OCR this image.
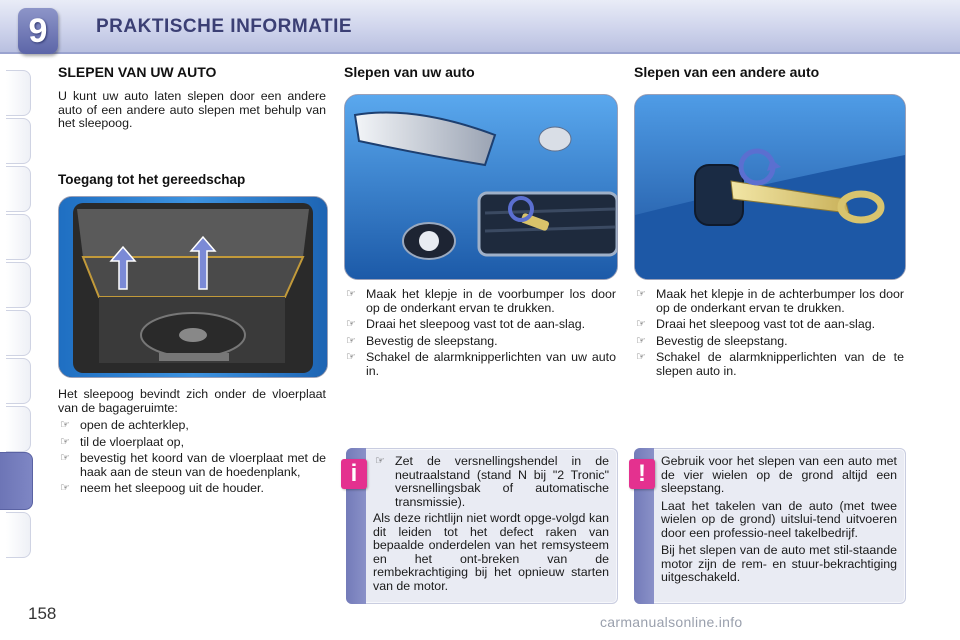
9	PRAKTISCHE INFORMATIE
SLEPEN VAN UW AUTO
U kunt uw auto laten slepen door een andere auto of een andere auto slepen met behulp van het sleepoog.
Toegang tot het gereedschap

Het sleepoog bevindt zich onder de vloerplaat van de bagageruimte:

☞ open de achterklep,
☞ til de vloerplaat op,
☞ bevestig het koord van de vloerplaat met de haak aan de steun van de hoedenplank,
☞ neem het sleepoog uit de houder.
Slepen van uw auto
☞ Maak het klepje in de voorbumper los door op de onderkant ervan te drukken.
☞ Draai het sleepoog vast tot de aan-slag.
☞ Bevestig de sleepstang.
☞ Schakel de alarmknipperlichten van uw auto in.
i	☞ Zet de versnellingshendel in de neutraalstand (stand N bij "2 Tronic" versnellingsbak of automatische transmissie).

Als deze richtlijn niet wordt opge-volgd kan dit leiden tot het defect raken van bepaalde onderdelen van het remsysteem en het ont-breken van de rembekrachtiging bij het opnieuw starten van de motor.

Slepen van een andere auto
☞ Maak het klepje in de achterbumper los door op de onderkant ervan te drukken.
☞ Draai het sleepoog vast tot de aan-slag.
☞ Bevestig de sleepstang.
☞ Schakel de alarmknipperlichten van de te slepen auto in.
!	Gebruik voor het slepen van een auto met de vier wielen op de grond altijd een sleepstang.

Laat het takelen van de auto (met twee wielen op de grond) uitslui-tend uitvoeren door een professio-neel takelbedrijf.

Bij het slepen van de auto met stil-staande motor zijn de rem- en stuur-bekrachtiging uitgeschakeld.

158	carmanualsonline.info
